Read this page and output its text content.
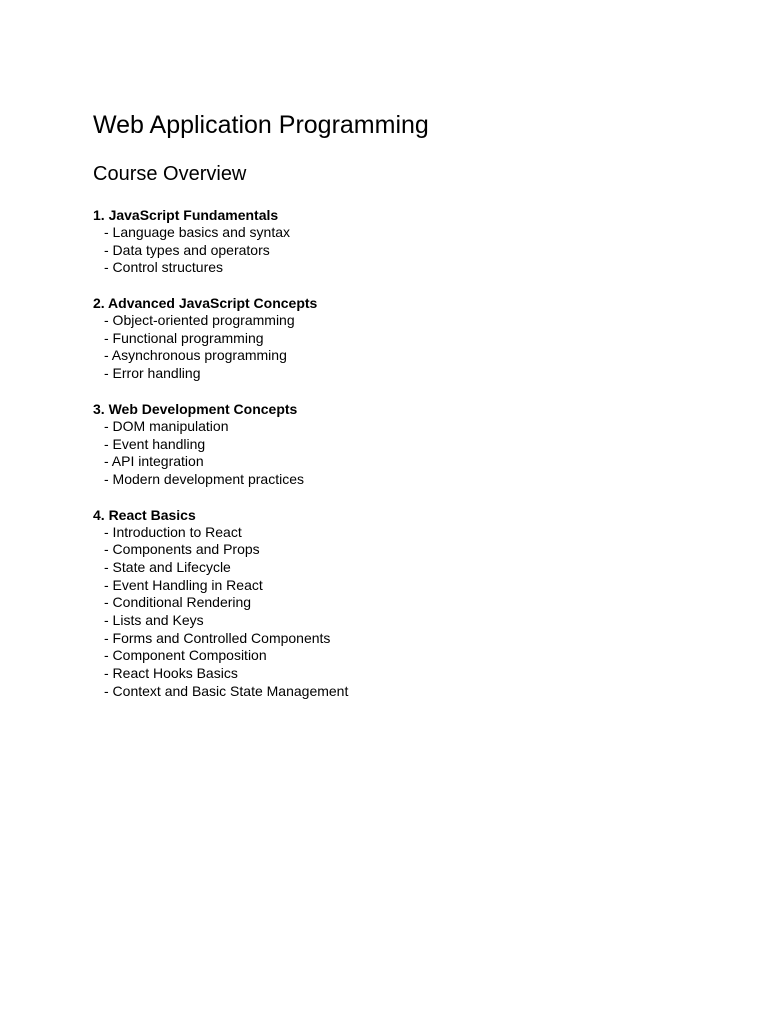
Web Application Programming
Course Overview
1. JavaScript Fundamentals
- Language basics and syntax
- Data types and operators
- Control structures
2. Advanced JavaScript Concepts
- Object-oriented programming
- Functional programming
- Asynchronous programming
- Error handling
3. Web Development Concepts
- DOM manipulation
- Event handling
- API integration
- Modern development practices
4. React Basics
- Introduction to React
- Components and Props
- State and Lifecycle
- Event Handling in React
- Conditional Rendering
- Lists and Keys
- Forms and Controlled Components
- Component Composition
- React Hooks Basics
- Context and Basic State Management
